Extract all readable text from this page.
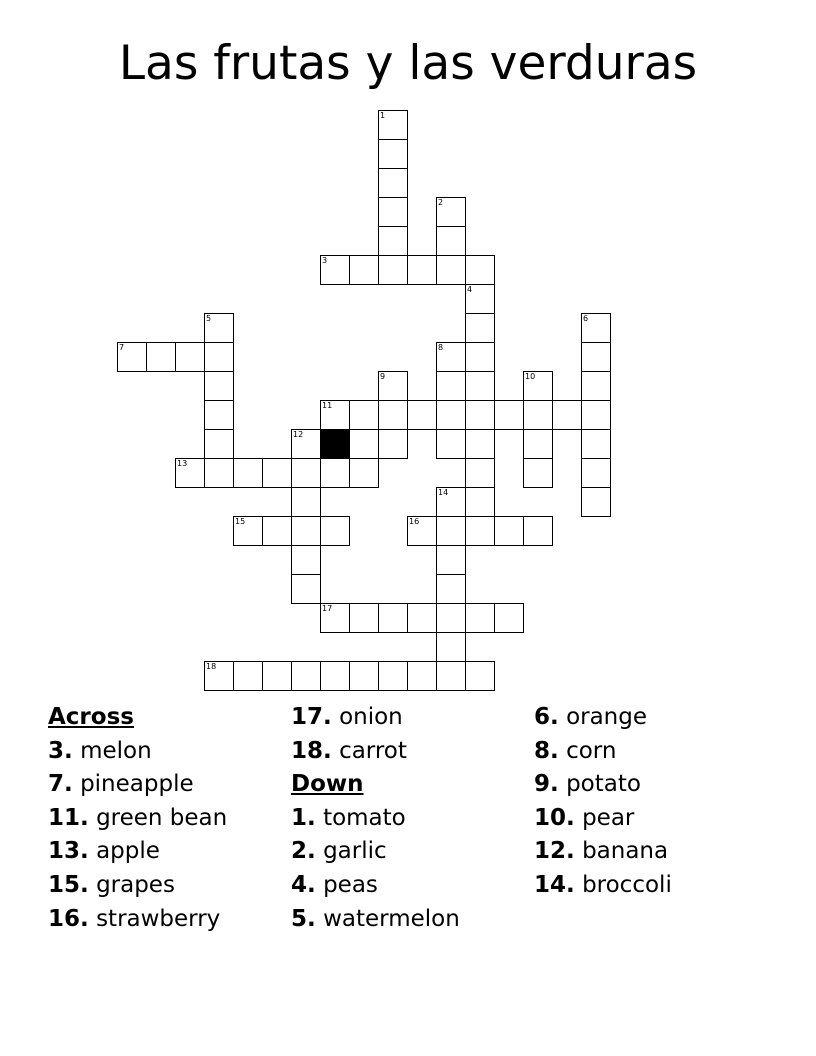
Las frutas y las verduras
1
2
3
4
5	6
7	8
9	10
11
12
13
14
15	16
17
18
Across
3. melon
7. pineapple
11. green bean
13. apple
15. grapes
16. strawberry
17. onion
18. carrot
Down
1. tomato
2. garlic
4. peas
5. watermelon
6. orange
8. corn
9. potato
10. pear
12. banana
14. broccoli
